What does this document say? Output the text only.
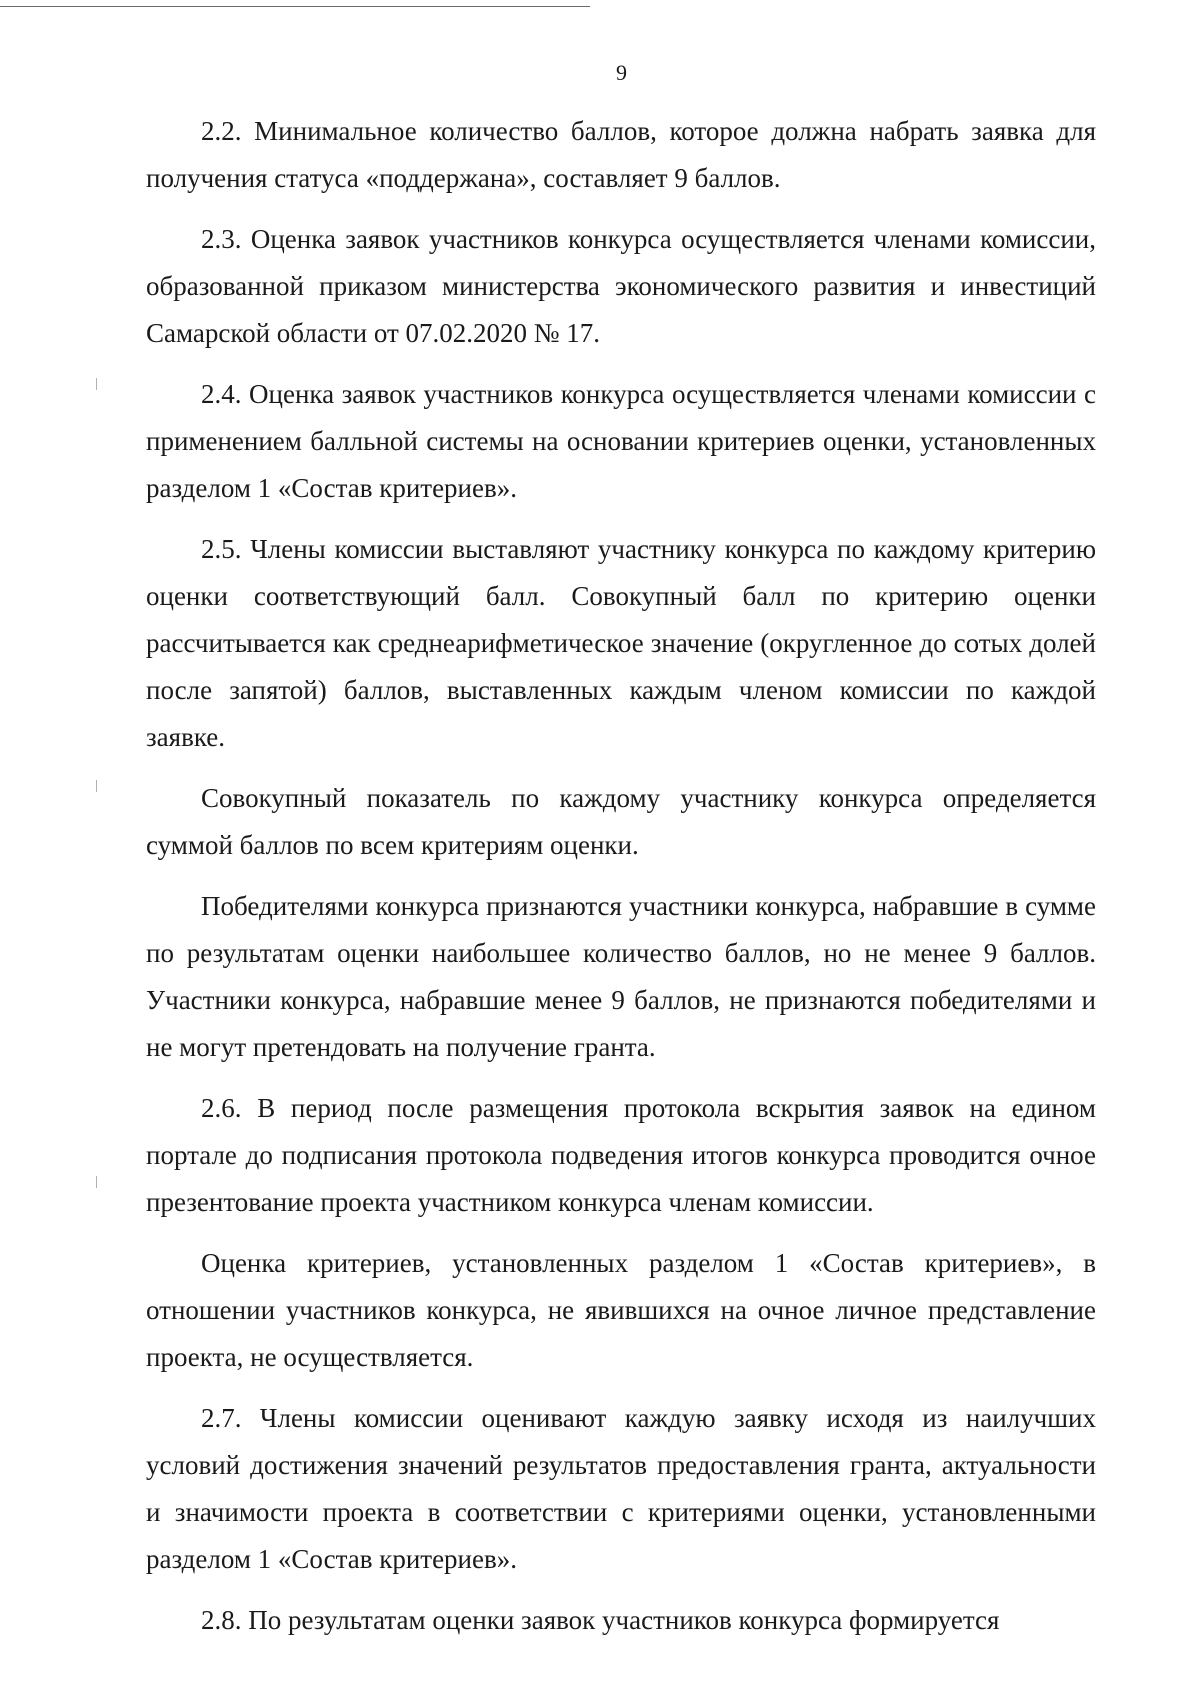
9

2.2. Минимальное количество баллов, которое должна набрать заявка для получения статуса «поддержана», составляет 9 баллов.

2.3. Оценка заявок участников конкурса осуществляется членами комиссии, образованной приказом министерства экономического развития и инвестиций Самарской области от 07.02.2020 № 17.

2.4. Оценка заявок участников конкурса осуществляется членами комиссии с применением балльной системы на основании критериев оценки, установленных разделом 1 «Состав критериев».

2.5. Члены комиссии выставляют участнику конкурса по каждому критерию оценки соответствующий балл. Совокупный балл по критерию оценки рассчитывается как среднеарифметическое значение (округленное до сотых долей после запятой) баллов, выставленных каждым членом комиссии по каждой заявке.

Совокупный показатель по каждому участнику конкурса определяется суммой баллов по всем критериям оценки.

Победителями конкурса признаются участники конкурса, набравшие в сумме по результатам оценки наибольшее количество баллов, но не менее 9 баллов. Участники конкурса, набравшие менее 9 баллов, не признаются победителями и не могут претендовать на получение гранта.

2.6. В период после размещения протокола вскрытия заявок на едином портале до подписания протокола подведения итогов конкурса проводится очное презентование проекта участником конкурса членам комиссии.

Оценка критериев, установленных разделом 1 «Состав критериев», в отношении участников конкурса, не явившихся на очное личное представление проекта, не осуществляется.

2.7. Члены комиссии оценивают каждую заявку исходя из наилучших условий достижения значений результатов предоставления гранта, актуальности и значимости проекта в соответствии с критериями оценки, установленными разделом 1 «Состав критериев».

2.8. По результатам оценки заявок участников конкурса формируется
